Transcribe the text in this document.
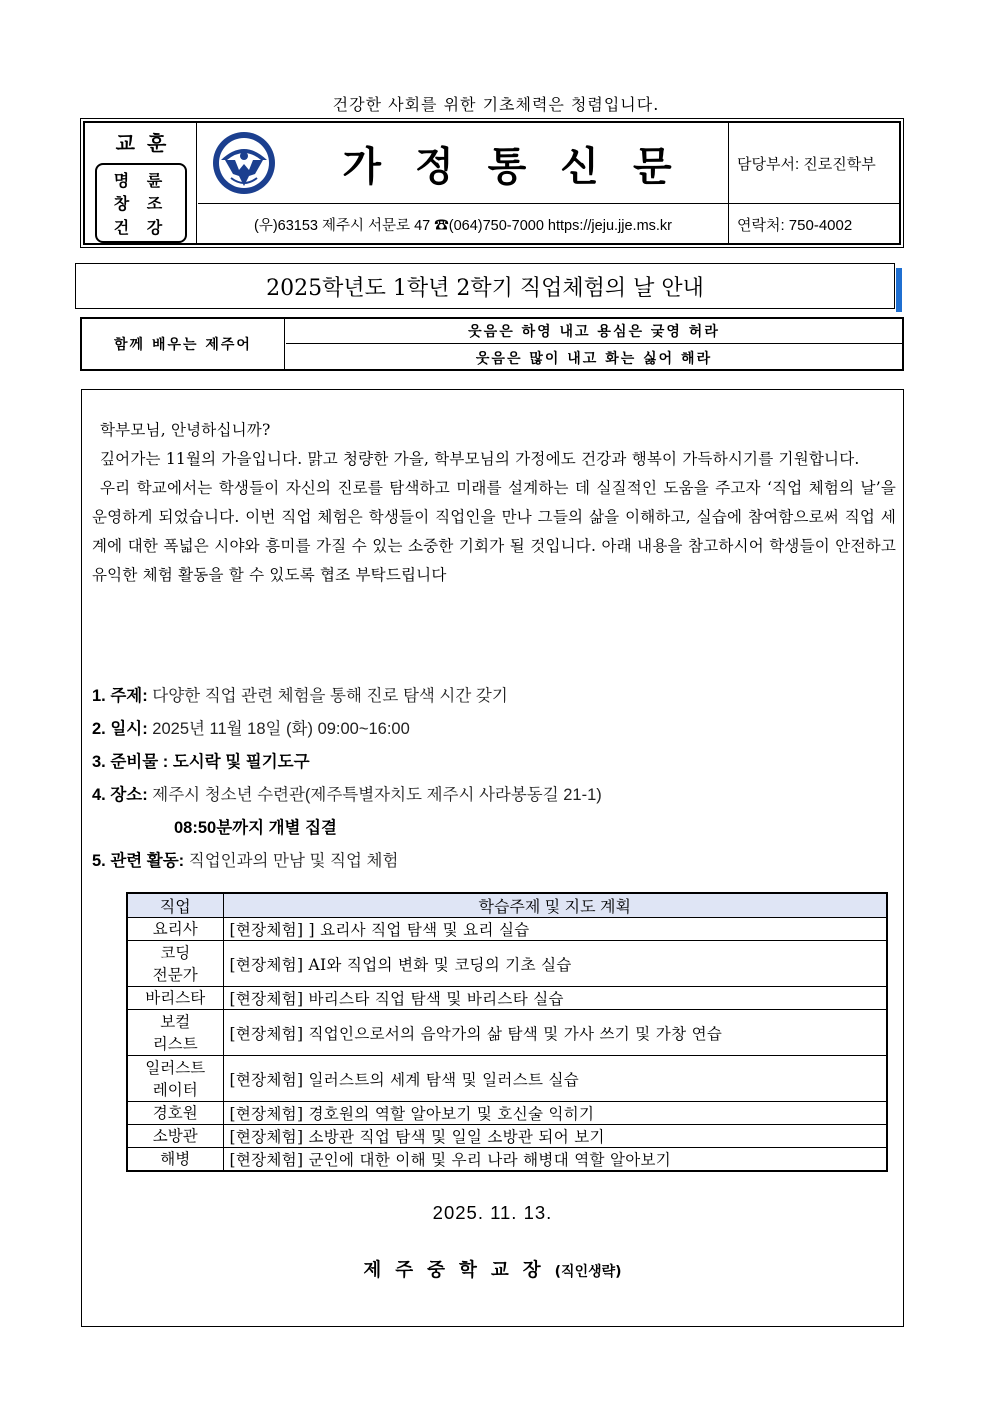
건강한 사회를 위한 기초체력은 청렴입니다.
교훈
명 륜
창 조
건 강
가정통신문
(우)63153 제주시 서문로 47 ☎(064)750-7000 https://jeju.jje.ms.kr
담당부서: 진로진학부
연락처: 750-4002
2025학년도 1학년 2학기 직업체험의 날 안내
함께 배우는 제주어
웃음은 하영 내고 용심은 궂영 허라
웃음은 많이 내고 화는 싫어 해라

학부모님, 안녕하십니까?

깊어가는 11월의 가을입니다. 맑고 청량한 가을, 학부모님의 가정에도 건강과 행복이 가득하시기를 기원합니다.

우리 학교에서는 학생들이 자신의 진로를 탐색하고 미래를 설계하는 데 실질적인 도움을 주고자 ‘직업 체험의 날’을 운영하게 되었습니다. 이번 직업 체험은 학생들이 직업인을 만나 그들의 삶을 이해하고, 실습에 참여함으로써 직업 세계에 대한 폭넓은 시야와 흥미를 가질 수 있는 소중한 기회가 될 것입니다. 아래 내용을 참고하시어 학생들이 안전하고 유익한 체험 활동을 할 수 있도록 협조 부탁드립니다

1. 주제: 다양한 직업 관련 체험을 통해 진로 탐색 시간 갖기
2. 일시: 2025년 11월 18일 (화) 09:00~16:00
3. 준비물 : 도시락 및 필기도구
4. 장소: 제주시 청소년 수련관(제주특별자치도 제주시 사라봉동길 21-1)
08:50분까지 개별 집결
5. 관련 활동: 직업인과의 만남 및 직업 체험
직업	학습주제 및 지도 계획
요리사	[현장체험] ] 요리사 직업 탐색 및 요리 실습
코딩
전문가	[현장체험] AI와 직업의 변화 및 코딩의 기초 실습
바리스타	[현장체험] 바리스타 직업 탐색 및 바리스타 실습
보컬
리스트	[현장체험] 직업인으로서의 음악가의 삶 탐색 및 가사 쓰기 및 가창 연습
일러스트
레이터	[현장체험] 일러스트의 세계 탐색 및 일러스트 실습
경호원	[현장체험] 경호원의 역할 알아보기 및 호신술 익히기
소방관	[현장체험] 소방관 직업 탐색 및 일일 소방관 되어 보기
해병	[현장체험] 군인에 대한 이해 및 우리 나라 해병대 역할 알아보기
2025. 11. 13.
제주중학교장(직인생략)
